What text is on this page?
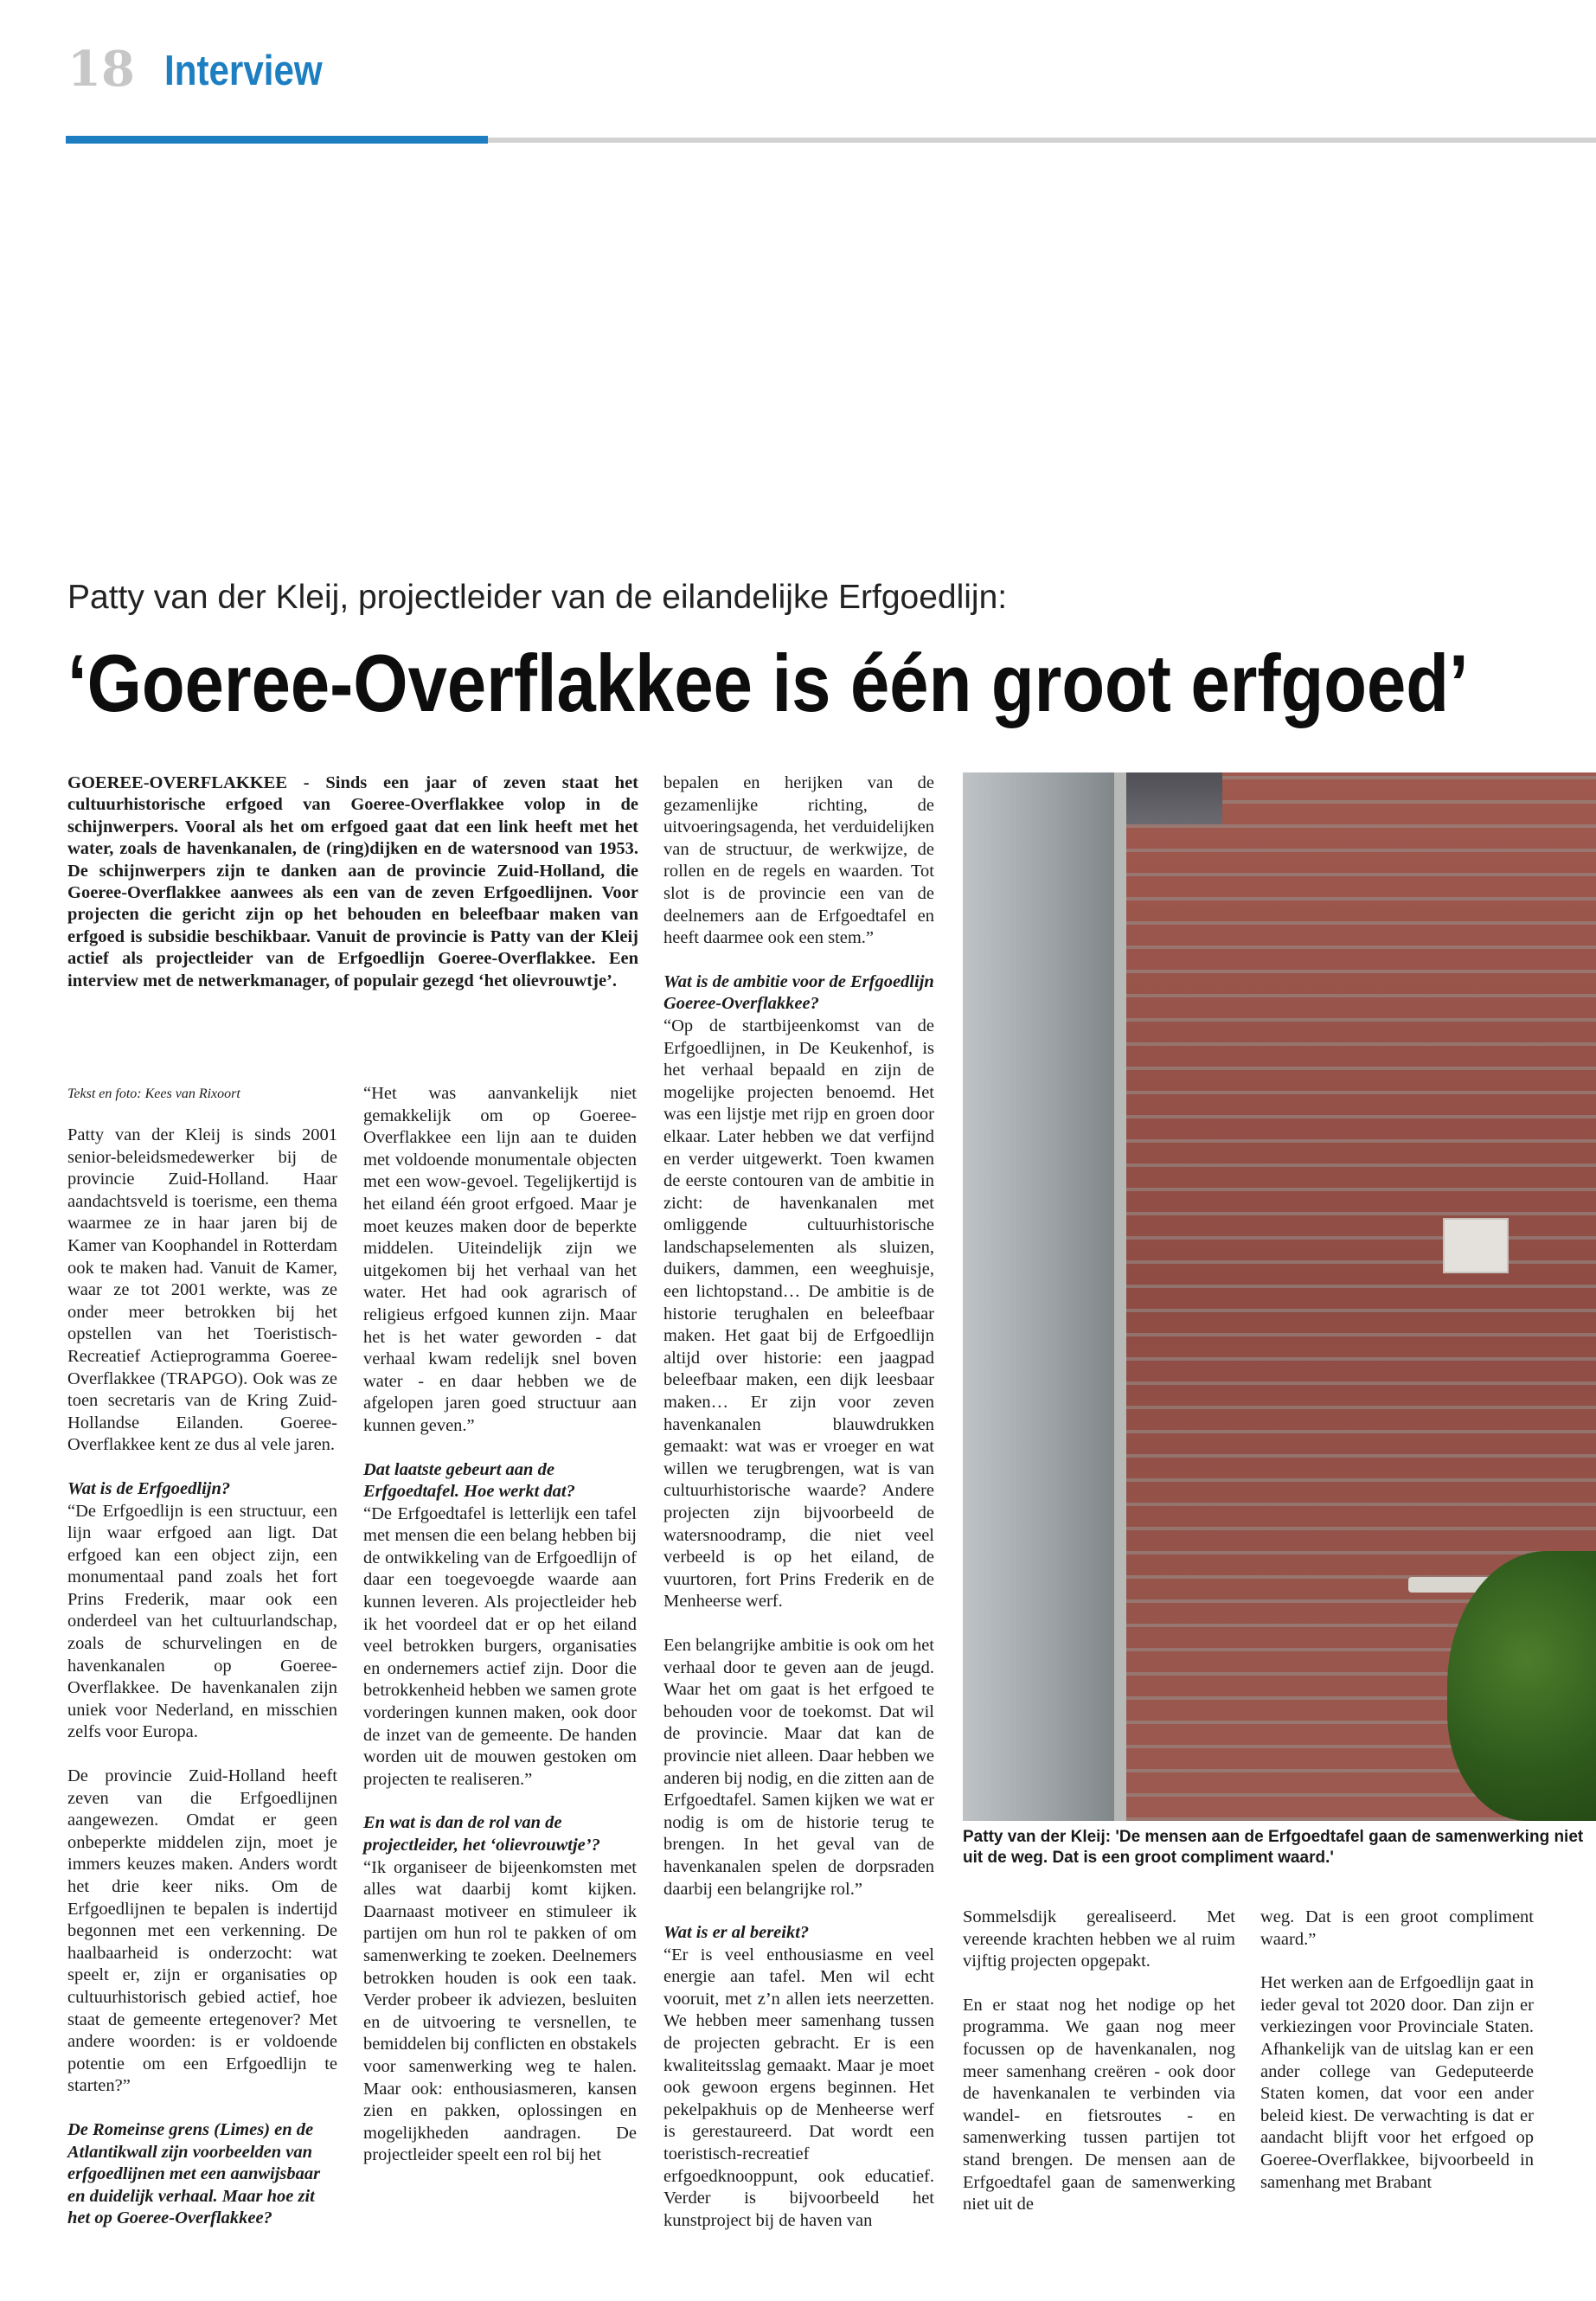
18 Interview
Patty van der Kleij, projectleider van de eilandelijke Erfgoedlijn:
‘Goeree-Overflakkee is één groot erfgoed’

GOEREE-OVERFLAKKEE - Sinds een jaar of zeven staat het cultuurhistorische erfgoed van Goeree-Overflakkee volop in de schijnwerpers. Vooral als het om erfgoed gaat dat een link heeft met het water, zoals de havenkanalen, de (ring)dijken en de watersnood van 1953. De schijnwerpers zijn te danken aan de provincie Zuid-Holland, die Goeree-Overflakkee aanwees als een van de zeven Erfgoedlijnen. Voor projecten die gericht zijn op het behouden en beleefbaar maken van erfgoed is subsidie beschikbaar. Vanuit de provincie is Patty van der Kleij actief als projectleider van de Erfgoedlijn Goeree-Overflakkee. Een interview met de netwerkmanager, of populair gezegd ‘het olievrouwtje’.

Tekst en foto: Kees van Rixoort

Patty van der Kleij is sinds 2001 senior-beleidsmedewerker bij de provincie Zuid-Holland. Haar aandachtsveld is toerisme, een thema waarmee ze in haar jaren bij de Kamer van Koophandel in Rotterdam ook te maken had. Vanuit de Kamer, waar ze tot 2001 werkte, was ze onder meer betrokken bij het opstellen van het Toeristisch-Recreatief Actieprogramma Goeree-Overflakkee (TRAPGO). Ook was ze toen secretaris van de Kring Zuid-Hollandse Eilanden. Goeree-Overflakkee kent ze dus al vele jaren.

Wat is de Erfgoedlijn?

“De Erfgoedlijn is een structuur, een lijn waar erfgoed aan ligt. Dat erfgoed kan een object zijn, een monumentaal pand zoals het fort Prins Frederik, maar ook een onderdeel van het cultuurlandschap, zoals de schurvelingen en de havenkanalen op Goeree-Overflakkee. De havenkanalen zijn uniek voor Nederland, en misschien zelfs voor Europa.

De provincie Zuid-Holland heeft zeven van die Erfgoedlijnen aangewezen. Omdat er geen onbeperkte middelen zijn, moet je immers keuzes maken. Anders wordt het drie keer niks. Om de Erfgoedlijnen te bepalen is indertijd begonnen met een verkenning. De haalbaarheid is onderzocht: wat speelt er, zijn er organisaties op cultuurhistorisch gebied actief, hoe staat de gemeente ertegenover? Met andere woorden: is er voldoende potentie om een Erfgoedlijn te starten?”

De Romeinse grens (Limes) en de Atlantikwall zijn voorbeelden van erfgoedlijnen met een aanwijsbaar en duidelijk verhaal. Maar hoe zit het op Goeree-Overflakkee?

“Het was aanvankelijk niet gemakkelijk om op Goeree-Overflakkee een lijn aan te duiden met voldoende monumentale objecten met een wow-gevoel. Tegelijkertijd is het eiland één groot erfgoed. Maar je moet keuzes maken door de beperkte middelen. Uiteindelijk zijn we uitgekomen bij het verhaal van het water. Het had ook agrarisch of religieus erfgoed kunnen zijn. Maar het is het water geworden - dat verhaal kwam redelijk snel boven water - en daar hebben we de afgelopen jaren goed structuur aan kunnen geven.”

Dat laatste gebeurt aan de Erfgoedtafel. Hoe werkt dat?

“De Erfgoedtafel is letterlijk een tafel met mensen die een belang hebben bij de ontwikkeling van de Erfgoedlijn of daar een toegevoegde waarde aan kunnen leveren. Als projectleider heb ik het voordeel dat er op het eiland veel betrokken burgers, organisaties en ondernemers actief zijn. Door die betrokkenheid hebben we samen grote vorderingen kunnen maken, ook door de inzet van de gemeente. De handen worden uit de mouwen gestoken om projecten te realiseren.”

En wat is dan de rol van de projectleider, het ‘olievrouwtje’?

“Ik organiseer de bijeenkomsten met alles wat daarbij komt kijken. Daarnaast motiveer en stimuleer ik partijen om hun rol te pakken of om samenwerking te zoeken. Deelnemers betrokken houden is ook een taak. Verder probeer ik adviezen, besluiten en de uitvoering te versnellen, te bemiddelen bij conflicten en obstakels voor samenwerking weg te halen. Maar ook: enthousiasmeren, kansen zien en pakken, oplossingen en mogelijkheden aandragen. De projectleider speelt een rol bij het

bepalen en herijken van de gezamenlijke richting, de uitvoeringsagenda, het verduidelijken van de structuur, de werkwijze, de rollen en de regels en waarden. Tot slot is de provincie een van de deelnemers aan de Erfgoedtafel en heeft daarmee ook een stem.”

Wat is de ambitie voor de Erfgoedlijn Goeree-Overflakkee?

“Op de startbijeenkomst van de Erfgoedlijnen, in De Keukenhof, is het verhaal bepaald en zijn de mogelijke projecten benoemd. Het was een lijstje met rijp en groen door elkaar. Later hebben we dat verfijnd en verder uitgewerkt. Toen kwamen de eerste contouren van de ambitie in zicht: de havenkanalen met omliggende cultuurhistorische landschapselementen als sluizen, duikers, dammen, een weeghuisje, een lichtopstand… De ambitie is de historie terughalen en beleefbaar maken. Het gaat bij de Erfgoedlijn altijd over historie: een jaagpad beleefbaar maken, een dijk leesbaar maken… Er zijn voor zeven havenkanalen blauwdrukken gemaakt: wat was er vroeger en wat willen we terugbrengen, wat is van cultuurhistorische waarde? Andere projecten zijn bijvoorbeeld de watersnoodramp, die niet veel verbeeld is op het eiland, de vuurtoren, fort Prins Frederik en de Menheerse werf.

Een belangrijke ambitie is ook om het verhaal door te geven aan de jeugd. Waar het om gaat is het erfgoed te behouden voor de toekomst. Dat wil de provincie. Maar dat kan de provincie niet alleen. Daar hebben we anderen bij nodig, en die zitten aan de Erfgoedtafel. Samen kijken we wat er nodig is om de historie terug te brengen. In het geval van de havenkanalen spelen de dorpsraden daarbij een belangrijke rol.”

Wat is er al bereikt?

“Er is veel enthousiasme en veel energie aan tafel. Men wil echt vooruit, met z’n allen iets neerzetten. We hebben meer samenhang tussen de projecten gebracht. Er is een kwaliteitsslag gemaakt. Maar je moet ook gewoon ergens beginnen. Het pekelpakhuis op de Menheerse werf is gerestaureerd. Dat wordt een toeristisch-recreatief erfgoedknooppunt, ook educatief. Verder is bijvoorbeeld het kunstproject bij de haven van

Patty van der Kleij: 'De mensen aan de Erfgoedtafel gaan de samenwerking niet uit de weg. Dat is een groot compliment waard.'

Sommelsdijk gerealiseerd. Met vereende krachten hebben we al ruim vijftig projecten opgepakt.

En er staat nog het nodige op het programma. We gaan nog meer focussen op de havenkanalen, nog meer samenhang creëren - ook door de havenkanalen te verbinden via wandel- en fietsroutes - en samenwerking tussen partijen tot stand brengen. De mensen aan de Erfgoedtafel gaan de samenwerking niet uit de

weg. Dat is een groot compliment waard.”

Het werken aan de Erfgoedlijn gaat in ieder geval tot 2020 door. Dan zijn er verkiezingen voor Provinciale Staten. Afhankelijk van de uitslag kan er een ander college van Gedeputeerde Staten komen, dat voor een ander beleid kiest. De verwachting is dat er aandacht blijft voor het erfgoed op Goeree-Overflakkee, bijvoorbeeld in samenhang met Brabant
